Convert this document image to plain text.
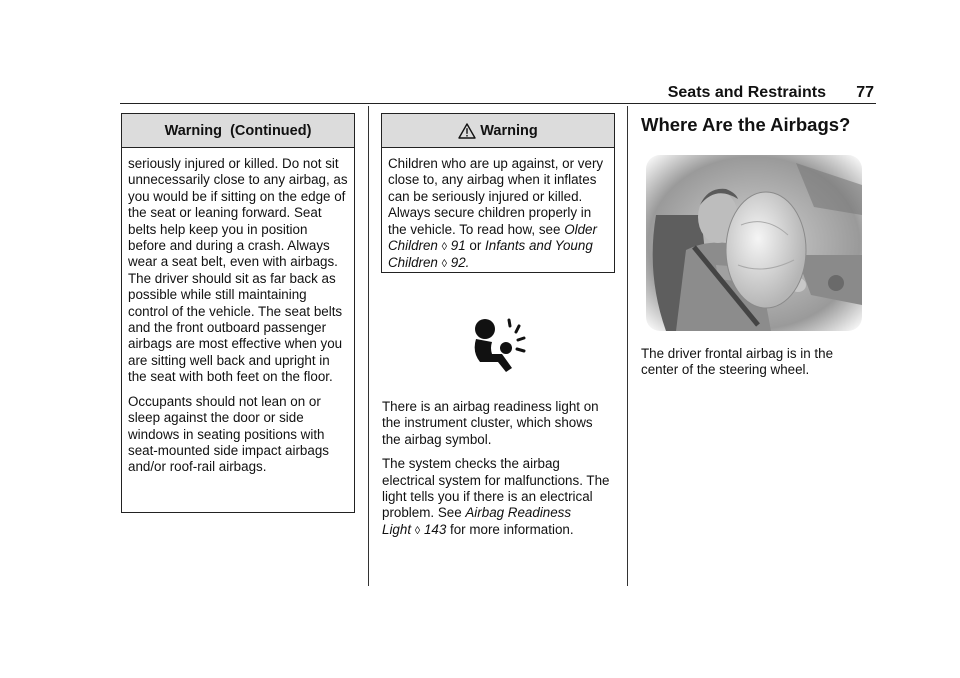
Seats and Restraints 77
Warning  (Continued)

seriously injured or killed. Do not sit unnecessarily close to any airbag, as you would be if sitting on the edge of the seat or leaning forward. Seat belts help keep you in position before and during a crash. Always wear a seat belt, even with airbags. The driver should sit as far back as possible while still maintaining control of the vehicle. The seat belts and the front outboard passenger airbags are most effective when you are sitting well back and upright in the seat with both feet on the floor.

Occupants should not lean on or sleep against the door or side windows in seating positions with seat-mounted side impact airbags and/or roof-rail airbags.

Warning

Children who are up against, or very close to, any airbag when it inflates can be seriously injured or killed. Always secure children properly in the vehicle. To read how, see Older Children ◊ 91 or Infants and Young Children ◊ 92.

There is an airbag readiness light on the instrument cluster, which shows the airbag symbol.

The system checks the airbag electrical system for malfunctions. The light tells you if there is an electrical problem. See Airbag Readiness Light ◊ 143 for more information.

Where Are the Airbags?

The driver frontal airbag is in the center of the steering wheel.
